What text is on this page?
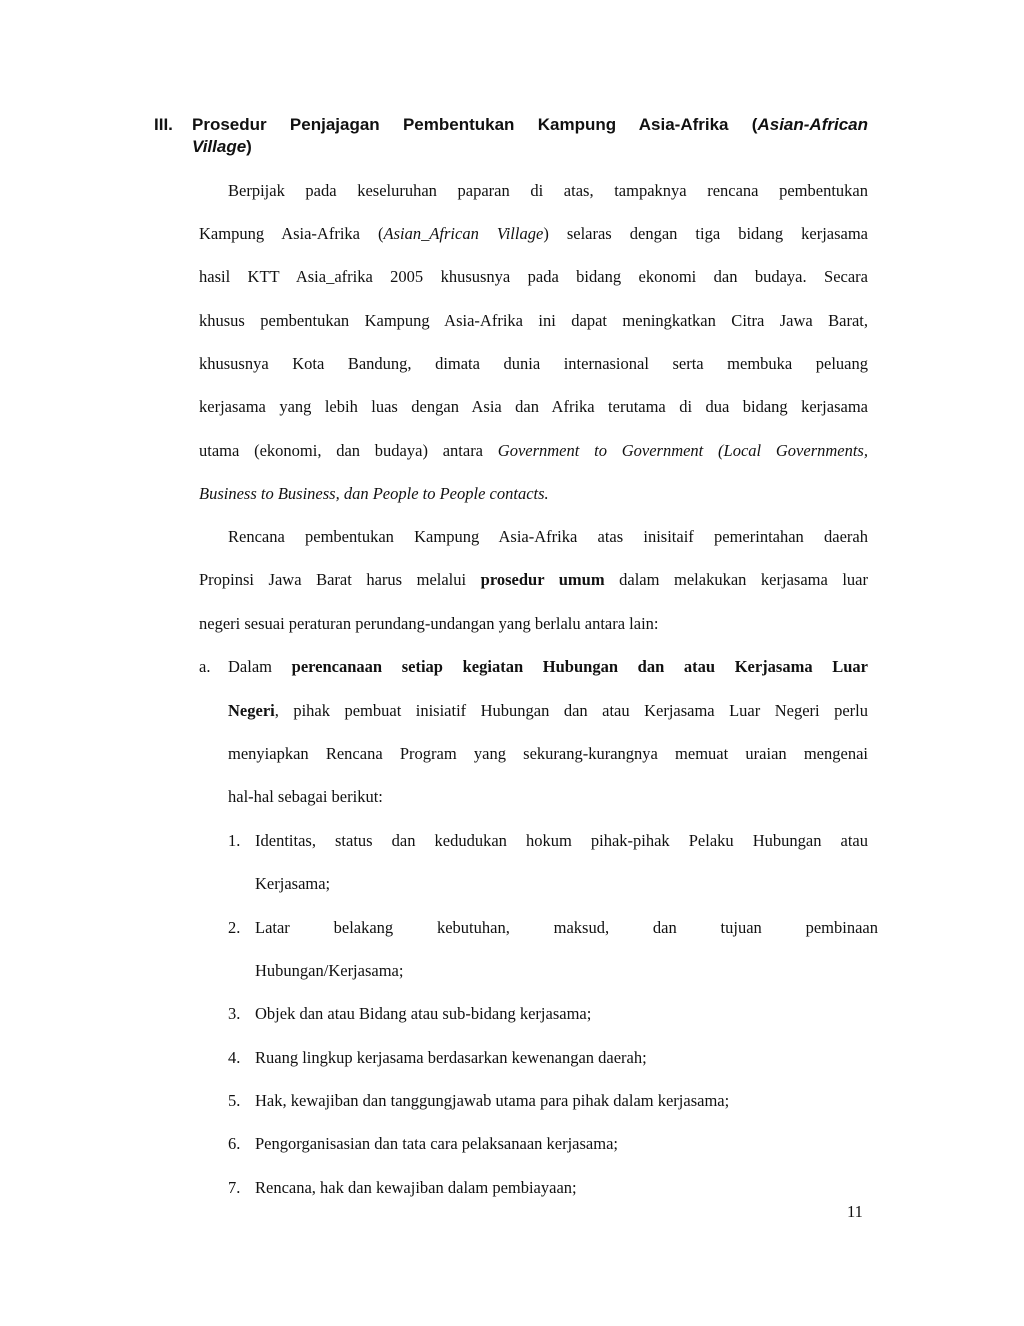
III. Prosedur Penjajagan Pembentukan Kampung Asia-Afrika (Asian-African
Village)
Berpijak pada keseluruhan paparan di atas, tampaknya rencana pembentukan
Kampung Asia-Afrika (Asian_African Village) selaras dengan tiga bidang kerjasama
hasil KTT Asia_afrika 2005 khususnya pada bidang ekonomi dan budaya. Secara
khusus pembentukan Kampung Asia-Afrika ini dapat meningkatkan Citra Jawa Barat,
khususnya Kota Bandung, dimata dunia internasional serta membuka peluang
kerjasama yang lebih luas dengan Asia dan Afrika terutama di dua bidang kerjasama
utama (ekonomi, dan budaya) antara Government to Government (Local Governments,
Business to Business, dan People to People contacts.
Rencana pembentukan Kampung Asia-Afrika atas inisitaif pemerintahan daerah
Propinsi Jawa Barat harus melalui prosedur umum dalam melakukan kerjasama luar
negeri sesuai peraturan perundang-undangan yang berlalu antara lain:
a. Dalam perencanaan setiap kegiatan Hubungan dan atau Kerjasama Luar
Negeri, pihak pembuat inisiatif Hubungan dan atau Kerjasama Luar Negeri perlu
menyiapkan Rencana Program yang sekurang-kurangnya memuat uraian mengenai
hal-hal sebagai berikut:
1. Identitas, status dan kedudukan hokum pihak-pihak Pelaku Hubungan atau
Kerjasama;
2. Latar belakang kebutuhan, maksud, dan tujuan pembinaan
Hubungan/Kerjasama;
3. Objek dan atau Bidang atau sub-bidang kerjasama;
4. Ruang lingkup kerjasama berdasarkan kewenangan daerah;
5. Hak, kewajiban dan tanggungjawab utama para pihak dalam kerjasama;
6. Pengorganisasian dan tata cara pelaksanaan kerjasama;
7. Rencana, hak dan kewajiban dalam pembiayaan;
11
